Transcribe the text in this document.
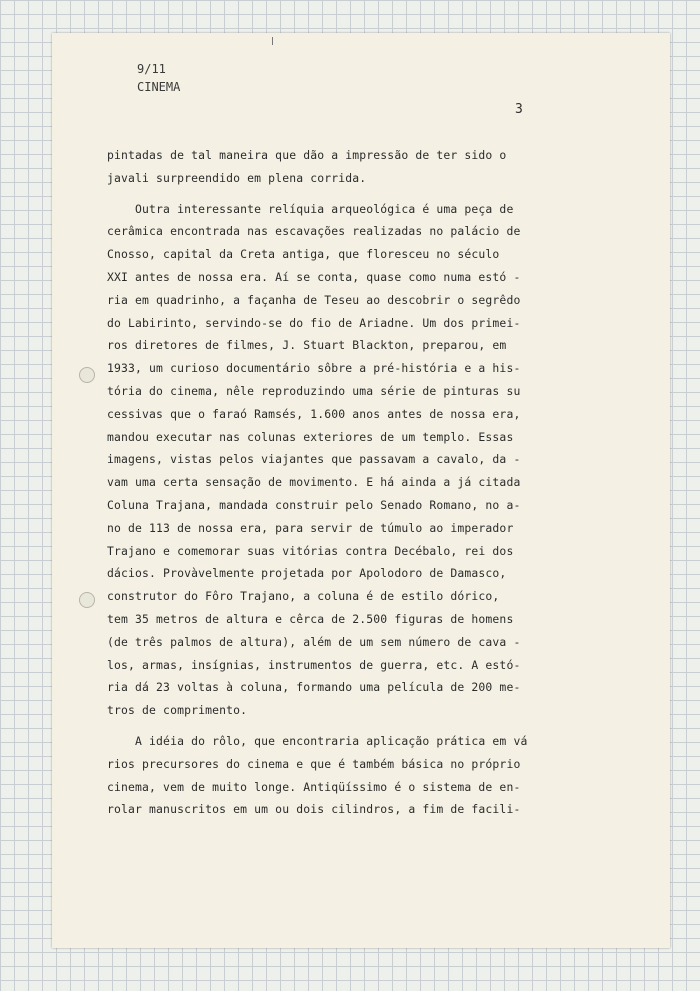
9/11
CINEMA
3
pintadas de tal maneira que dão a impressão de ter sido o
javali surpreendido em plena corrida.
Outra interessante relíquia arqueológica é uma peça de
cerâmica encontrada nas escavações realizadas no palácio de
Cnosso, capital da Creta antiga, que floresceu no século
XXI antes de nossa era. Aí se conta, quase como numa estó -
ria em quadrinho, a façanha de Teseu ao descobrir o segrêdo
do Labirinto, servindo-se do fio de Ariadne. Um dos primei-
ros diretores de filmes, J. Stuart Blackton, preparou, em
1933, um curioso documentário sôbre a pré-história e a his-
tória do cinema, nêle reproduzindo uma série de pinturas su
cessivas que o faraó Ramsés, 1.600 anos antes de nossa era,
mandou executar nas colunas exteriores de um templo. Essas
imagens, vistas pelos viajantes que passavam a cavalo, da -
vam uma certa sensação de movimento. E há ainda a já citada
Coluna Trajana, mandada construir pelo Senado Romano, no a-
no de 113 de nossa era, para servir de túmulo ao imperador
Trajano e comemorar suas vitórias contra Decébalo, rei dos
dácios. Provàvelmente projetada por Apolodoro de Damasco,
construtor do Fôro Trajano, a coluna é de estilo dórico,
tem 35 metros de altura e cêrca de 2.500 figuras de homens
(de três palmos de altura), além de um sem número de cava -
los, armas, insígnias, instrumentos de guerra, etc. A estó-
ria dá 23 voltas à coluna, formando uma película de 200 me-
tros de comprimento.
A idéia do rôlo, que encontraria aplicação prática em vá
rios precursores do cinema e que é também básica no próprio
cinema, vem de muito longe. Antiqüíssimo é o sistema de en-
rolar manuscritos em um ou dois cilindros, a fim de facili-
